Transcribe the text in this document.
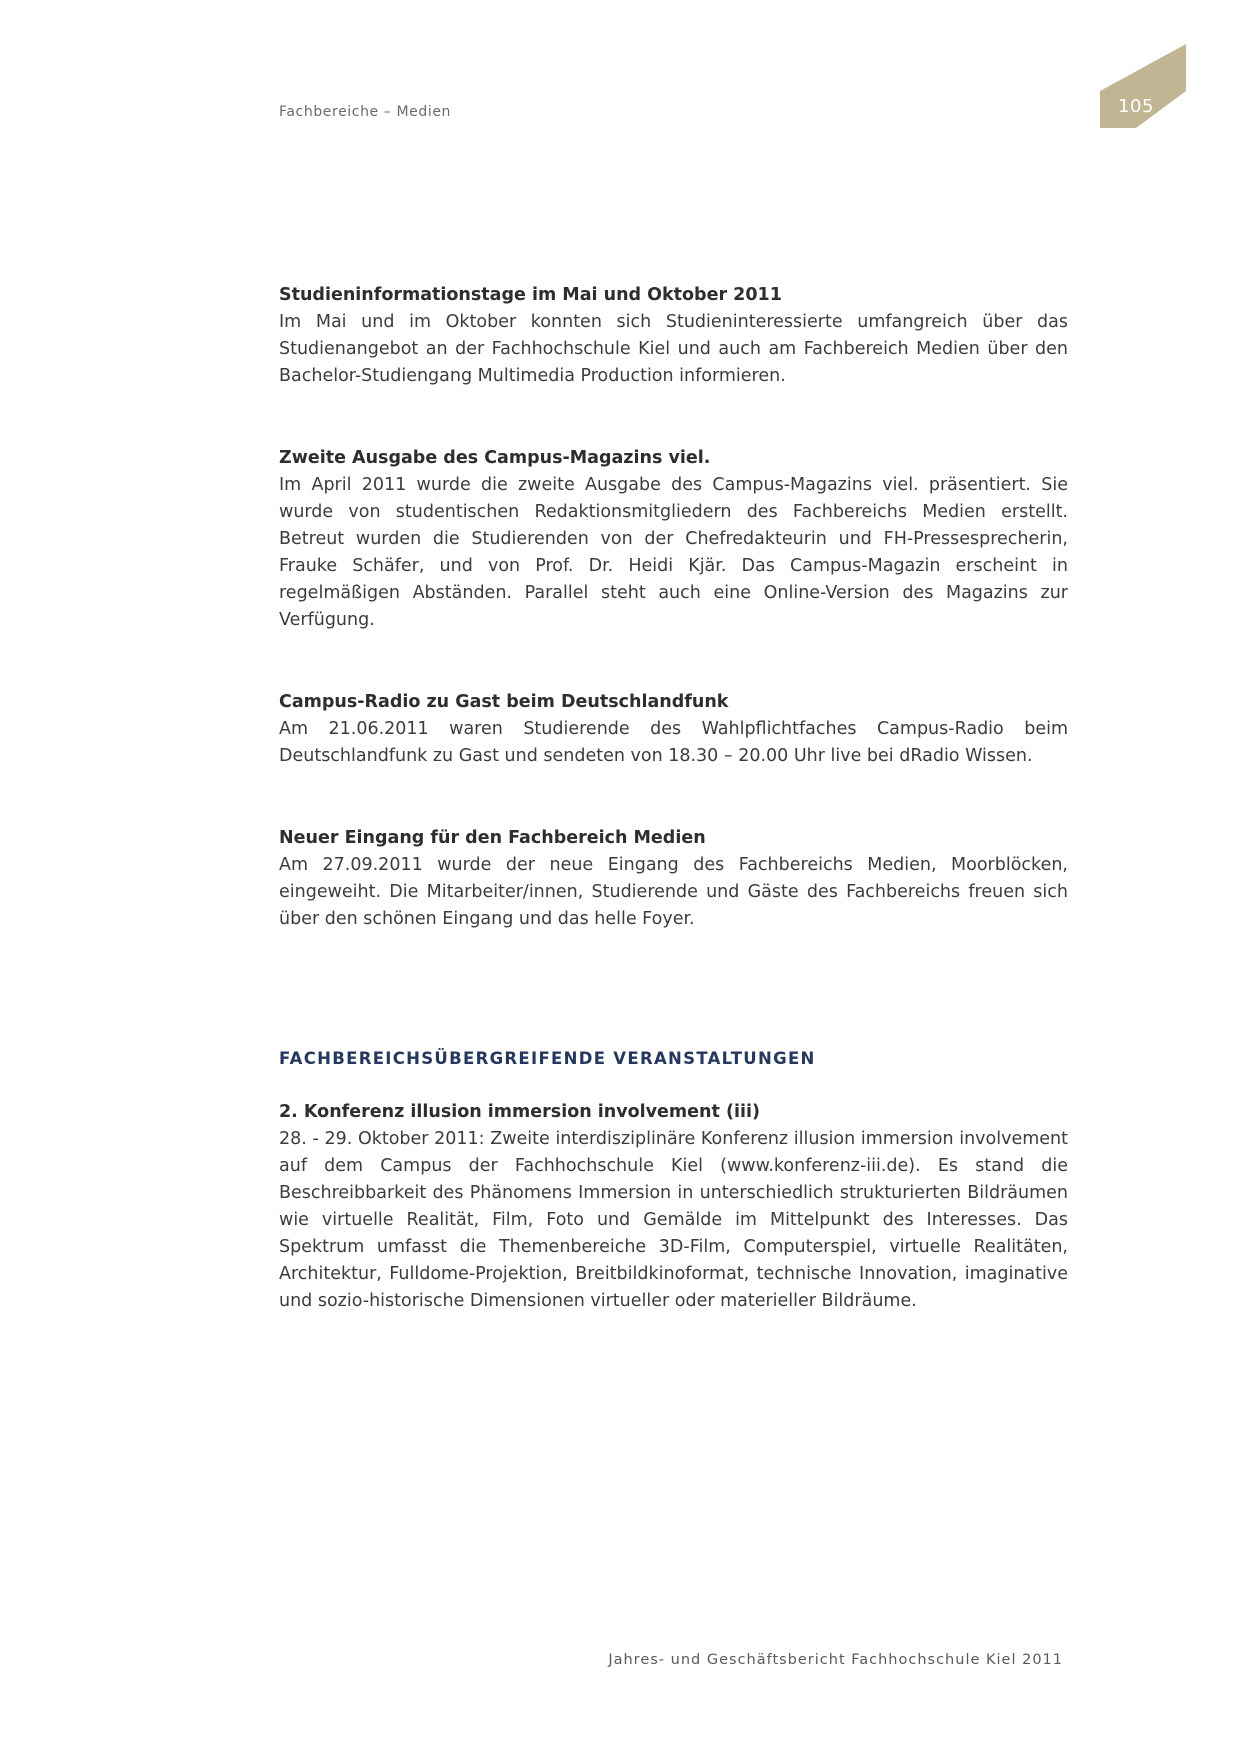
Fachbereiche – Medien	105
Studieninformationstage im Mai und Oktober 2011

Im Mai und im Oktober konnten sich Studieninteressierte umfangreich über das Studienangebot an der Fachhochschule Kiel und auch am Fachbereich Medien über den Bachelor-Studiengang Multimedia Production informieren.

Zweite Ausgabe des Campus-Magazins viel.

Im April 2011 wurde die zweite Ausgabe des Campus-Magazins viel. präsentiert. Sie wurde von studentischen Redaktionsmitgliedern des Fachbereichs Medien erstellt. Betreut wurden die Studierenden von der Chefredakteurin und FH-Pressesprecherin, Frauke Schäfer, und von Prof. Dr. Heidi Kjär. Das Campus-Magazin erscheint in regelmäßigen Abständen. Parallel steht auch eine Online-Version des Magazins zur Verfügung.

Campus-Radio zu Gast beim Deutschlandfunk

Am 21.06.2011 waren Studierende des Wahlpflichtfaches Campus-Radio beim Deutschlandfunk zu Gast und sendeten von 18.30 – 20.00 Uhr live bei dRadio Wissen.

Neuer Eingang für den Fachbereich Medien

Am 27.09.2011 wurde der neue Eingang des Fachbereichs Medien, Moorblöcken, eingeweiht. Die Mitarbeiter/innen, Studierende und Gäste des Fachbereichs freuen sich über den schönen Eingang und das helle Foyer.

FACHBEREICHSÜBERGREIFENDE VERANSTALTUNGEN
2. Konferenz illusion immersion involvement (iii)

28. - 29. Oktober 2011: Zweite interdisziplinäre Konferenz illusion immersion involvement auf dem Campus der Fachhochschule Kiel (www.konferenz-iii.de). Es stand die Beschreibbarkeit des Phänomens Immersion in unterschiedlich strukturierten Bildräumen wie virtuelle Realität, Film, Foto und Gemälde im Mittelpunkt des Interesses. Das Spektrum umfasst die Themenbereiche 3D-Film, Computerspiel, virtuelle Realitäten, Architektur, Fulldome-Projektion, Breitbildkinoformat, technische Innovation, imaginative und sozio-historische Dimensionen virtueller oder materieller Bildräume.

Jahres- und Geschäftsbericht Fachhochschule Kiel 2011
